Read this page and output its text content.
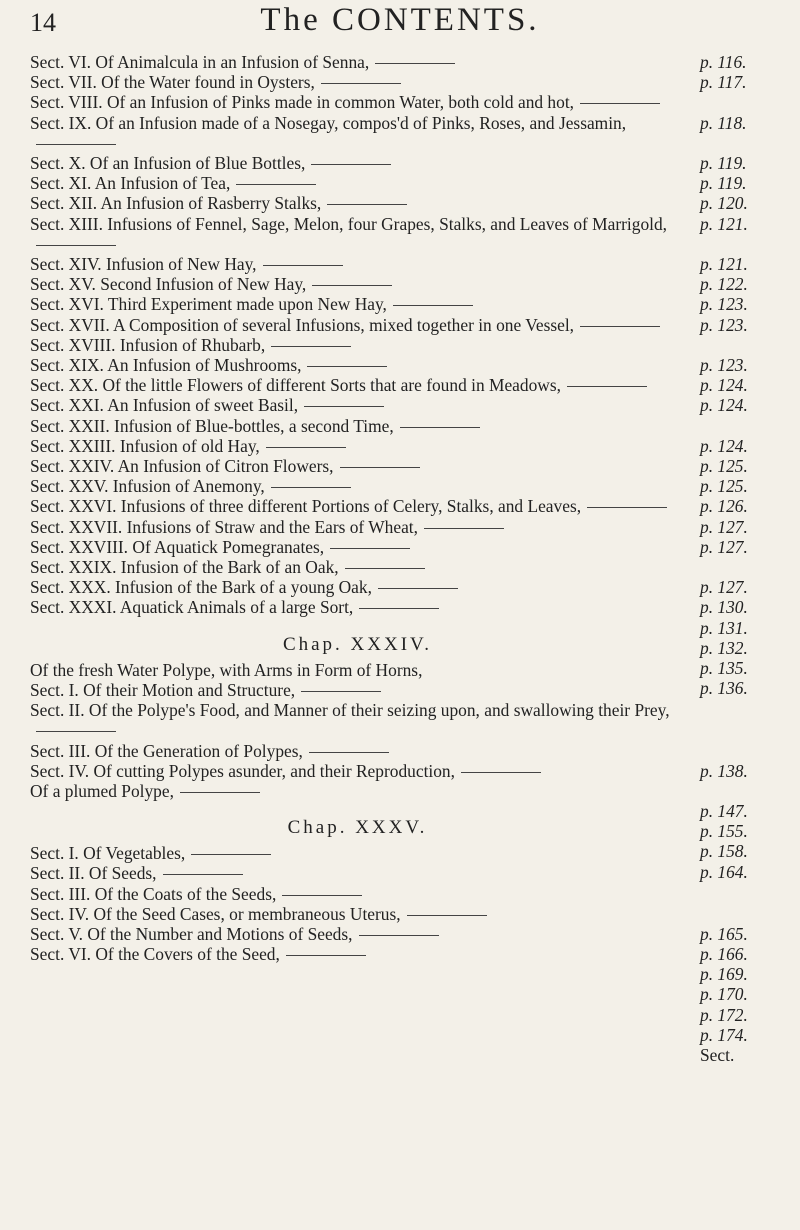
14	The CONTENTS.

Sect. VI. Of Animalcula in an Infusion of Senna,

Sect. VII. Of the Water found in Oysters,

Sect. VIII. Of an Infusion of Pinks made in common Water, both cold and hot,

Sect. IX. Of an Infusion made of a Nosegay, compos'd of Pinks, Roses, and Jessamin,

Sect. X. Of an Infusion of Blue Bottles,

Sect. XI. An Infusion of Tea,

Sect. XII. An Infusion of Rasberry Stalks,

Sect. XIII. Infusions of Fennel, Sage, Melon, four Grapes, Stalks, and Leaves of Marrigold,

Sect. XIV. Infusion of New Hay,

Sect. XV. Second Infusion of New Hay,

Sect. XVI. Third Experiment made upon New Hay,

Sect. XVII. A Composition of several Infusions, mixed together in one Vessel,

Sect. XVIII. Infusion of Rhubarb,

Sect. XIX. An Infusion of Mushrooms,

Sect. XX. Of the little Flowers of different Sorts that are found in Meadows,

Sect. XXI. An Infusion of sweet Basil,

Sect. XXII. Infusion of Blue-bottles, a second Time,

Sect. XXIII. Infusion of old Hay,

Sect. XXIV. An Infusion of Citron Flowers,

Sect. XXV. Infusion of Anemony,

Sect. XXVI. Infusions of three different Portions of Celery, Stalks, and Leaves,

Sect. XXVII. Infusions of Straw and the Ears of Wheat,

Sect. XXVIII. Of Aquatick Pomegranates,

Sect. XXIX. Infusion of the Bark of an Oak,

Sect. XXX. Infusion of the Bark of a young Oak,

Sect. XXXI. Aquatick Animals of a large Sort,

Chap. XXXIV.

Of the fresh Water Polype, with Arms in Form of Horns,

Sect. I. Of their Motion and Structure,

Sect. II. Of the Polype's Food, and Manner of their seizing upon, and swallowing their Prey,

Sect. III. Of the Generation of Polypes,

Sect. IV. Of cutting Polypes asunder, and their Reproduction,

Of a plumed Polype,

Chap. XXXV.

Sect. I. Of Vegetables,

Sect. II. Of Seeds,

Sect. III. Of the Coats of the Seeds,

Sect. IV. Of the Seed Cases, or membraneous Uterus,

Sect. V. Of the Number and Motions of Seeds,

Sect. VI. Of the Covers of the Seed,

p. 116.

p. 117.

p. 118.

p. 119.

p. 119.

p. 120.

p. 121.

p. 121.

p. 122.

p. 123.

p. 123.

p. 123.

p. 124.

p. 124.

p. 124.

p. 125.

p. 125.

p. 126.

p. 127.

p. 127.

p. 127.

p. 130.

p. 131.

p. 132.

p. 135.

p. 136.

p. 138.

p. 147.

p. 155.

p. 158.

p. 164.

p. 165.

p. 166.

p. 169.

p. 170.

p. 172.

p. 174.

Sect.
